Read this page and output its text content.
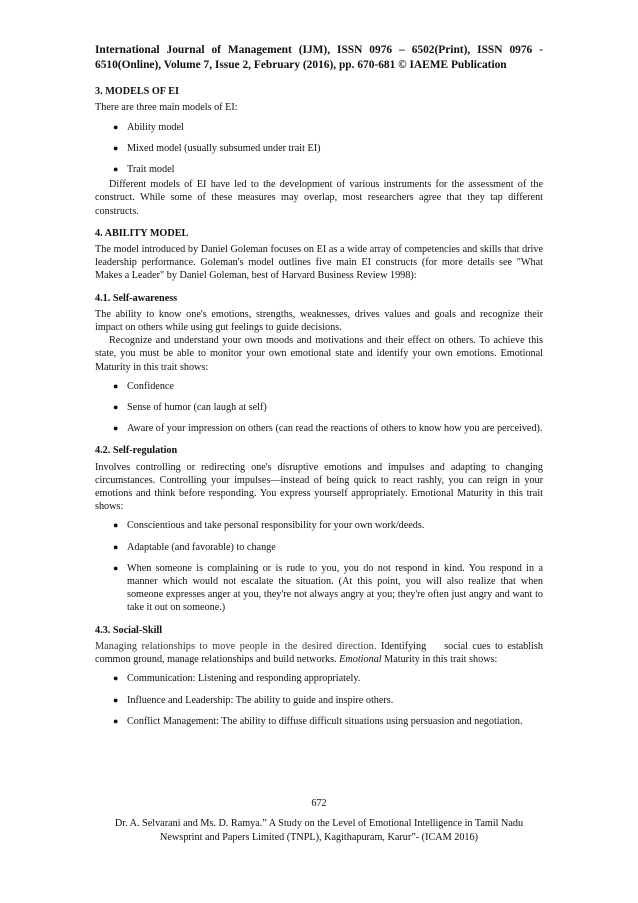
International Journal of Management (IJM), ISSN 0976 – 6502(Print), ISSN 0976 - 6510(Online), Volume 7, Issue 2, February (2016), pp. 670-681 © IAEME Publication
3. MODELS OF EI

There are three main models of EI:

● Ability model
● Mixed model (usually subsumed under trait EI)
● Trait model

Different models of EI have led to the development of various instruments for the assessment of the construct. While some of these measures may overlap, most researchers agree that they tap different constructs.

4. ABILITY MODEL

The model introduced by Daniel Goleman focuses on EI as a wide array of competencies and skills that drive leadership performance. Goleman's model outlines five main EI constructs (for more details see "What Makes a Leader" by Daniel Goleman, best of Harvard Business Review 1998):

4.1. Self-awareness

The ability to know one's emotions, strengths, weaknesses, drives values and goals and recognize their impact on others while using gut feelings to guide decisions.

Recognize and understand your own moods and motivations and their effect on others. To achieve this state, you must be able to monitor your own emotional state and identify your own emotions. Emotional Maturity in this trait shows:

● Confidence
● Sense of humor (can laugh at self)
● Aware of your impression on others (can read the reactions of others to know how you are perceived).
4.2. Self-regulation

Involves controlling or redirecting one's disruptive emotions and impulses and adapting to changing circumstances. Controlling your impulses—instead of being quick to react rashly, you can reign in your emotions and think before responding. You express yourself appropriately. Emotional Maturity in this trait shows:

● Conscientious and take personal responsibility for your own work/deeds.
● Adaptable (and favorable) to change
● When someone is complaining or is rude to you, you do not respond in kind. You respond in a manner which would not escalate the situation. (At this point, you will also realize that when someone expresses anger at you, they're not always angry at you; they're often just angry and want to take it out on someone.)
4.3. Social-Skill

Managing relationships to move people in the desired direction. Identifying social cues to establish common ground, manage relationships and build networks. Emotional Maturity in this trait shows:

● Communication: Listening and responding appropriately.
● Influence and Leadership: The ability to guide and inspire others.
● Conflict Management: The ability to diffuse difficult situations using persuasion and negotiation.
672
Dr. A. Selvarani and Ms. D. Ramya.” A Study on the Level of Emotional Intelligence in Tamil Nadu
Newsprint and Papers Limited (TNPL), Kagithapuram, Karur”- (ICAM 2016)
